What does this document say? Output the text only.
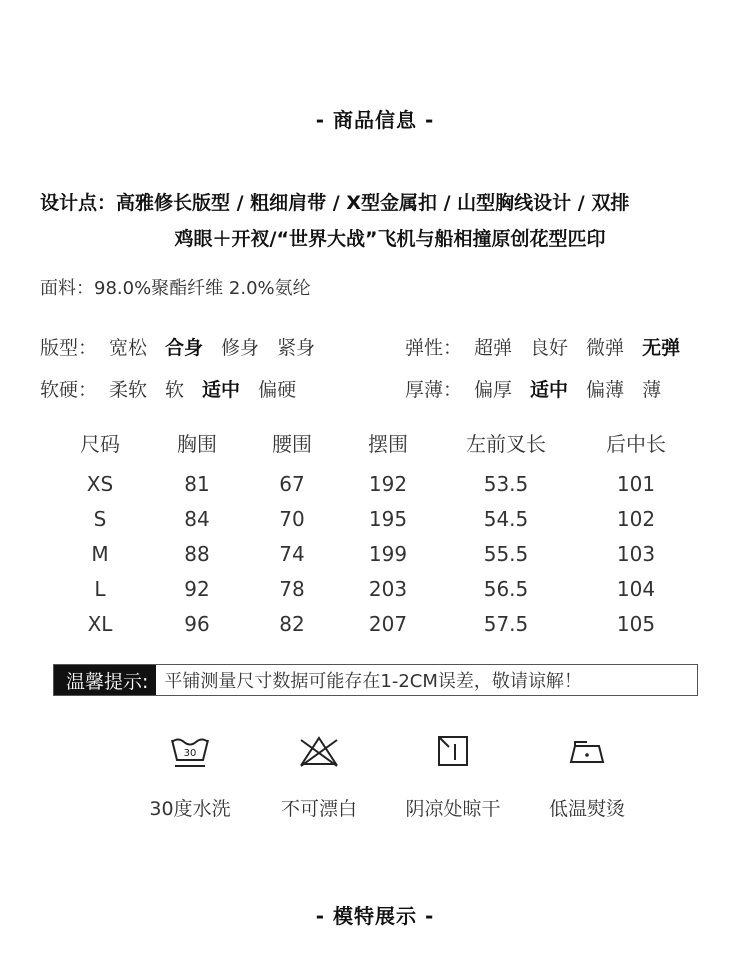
- 商品信息 -
设计点：高雅修长版型 / 粗细肩带 / X型金属扣 / 山型胸线设计 / 双排
鸡眼＋开衩/“世界大战”飞机与船相撞原创花型匹印
面料：98.0%聚酯纤维 2.0%氨纶
版型： 宽松 合身 修身 紧身	弹性： 超弹 良好 微弹 无弹
软硬： 柔软 软 适中 偏硬	厚薄： 偏厚 适中 偏薄 薄
尺码	胸围	腰围	摆围	左前叉长	后中长
XS	81	67	192	53.5	101
S	84	70	195	54.5	102
M	88	74	199	55.5	103
L	92	78	203	56.5	104
XL	96	82	207	57.5	105
温馨提示: 平铺测量尺寸数据可能存在1-2CM误差，敬请谅解！
30
30度水洗	不可漂白	阴凉处晾干	低温熨烫
- 模特展示 -
